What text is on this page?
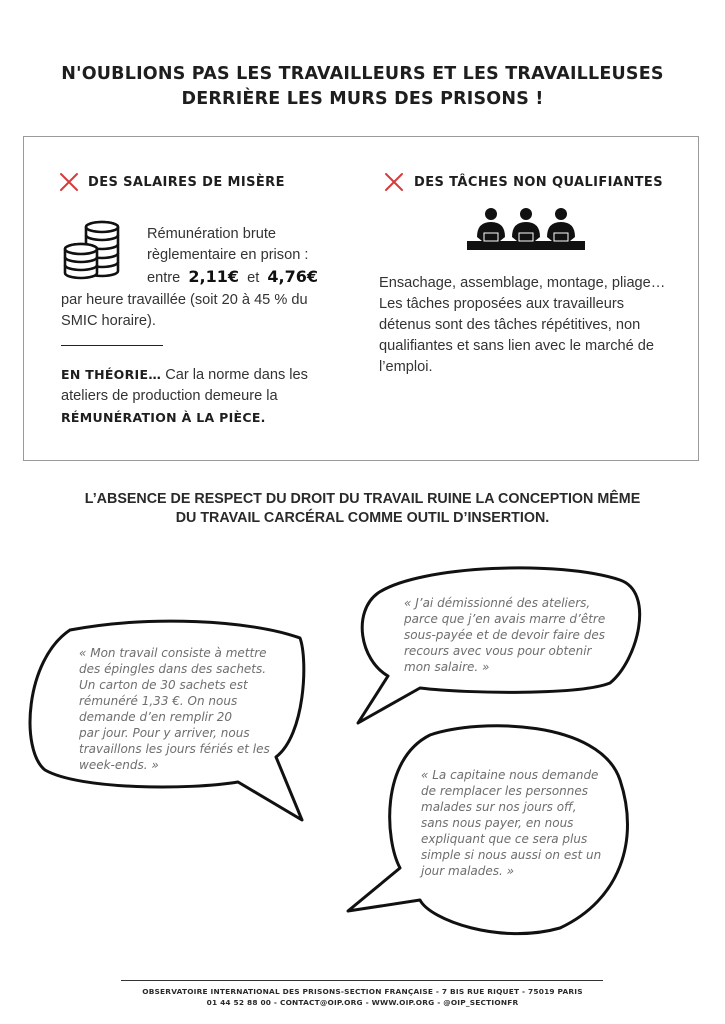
N'OUBLIONS PAS LES TRAVAILLEURS ET LES TRAVAILLEUSES
DERRIÈRE LES MURS DES PRISONS !
DES SALAIRES DE MISÈRE
Rémunération brute
règlementaire en prison :
entre 2,11€ et 4,76€
par heure travaillée (soit 20 à 45 % du
SMIC horaire).
EN THÉORIE… Car la norme dans les
ateliers de production demeure la
RÉMUNÉRATION À LA PIÈCE.
DES TÂCHES NON QUALIFIANTES
Ensachage, assemblage, montage, pliage…
Les tâches proposées aux travailleurs
détenus sont des tâches répétitives, non
qualifiantes et sans lien avec le marché de
l’emploi.
L’ABSENCE DE RESPECT DU DROIT DU TRAVAIL RUINE LA CONCEPTION MÊME
DU TRAVAIL CARCÉRAL COMME OUTIL D’INSERTION.
« Mon travail consiste à mettre
des épingles dans des sachets.
Un carton de 30 sachets est
rémunéré 1,33 €. On nous
demande d’en remplir 20
par jour. Pour y arriver, nous
travaillons les jours fériés et les
week-ends. »
« J’ai démissionné des ateliers,
parce que j’en avais marre d’être
sous-payée et de devoir faire des
recours avec vous pour obtenir
mon salaire. »
« La capitaine nous demande
de remplacer les personnes
malades sur nos jours off,
sans nous payer, en nous
expliquant que ce sera plus
simple si nous aussi on est un
jour malades. »
OBSERVATOIRE INTERNATIONAL DES PRISONS-SECTION FRANÇAISE - 7 BIS RUE RIQUET - 75019 PARIS
01 44 52 88 00 - CONTACT@OIP.ORG - WWW.OIP.ORG - @OIP_SECTIONFR
